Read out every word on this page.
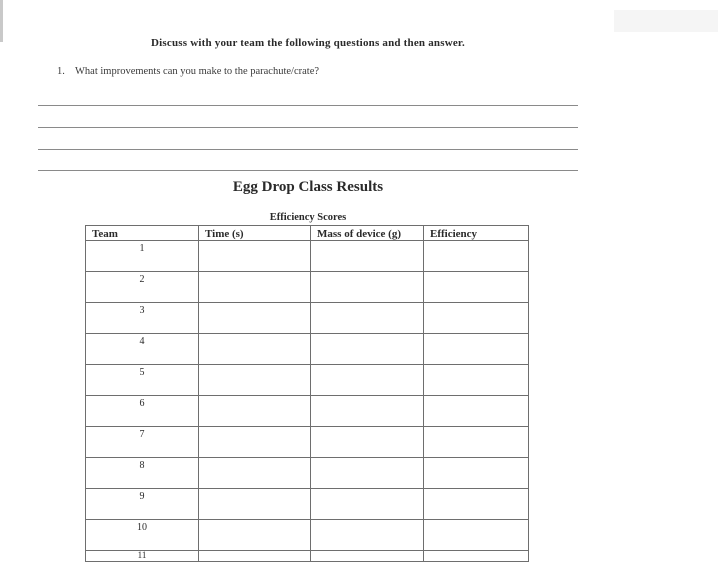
Discuss with your team the following questions and then answer.
1. What improvements can you make to the parachute/crate?
Egg Drop Class Results
Efficiency Scores
Team	Time (s)	Mass of device (g)	Efficiency
1			
2			
3			
4			
5			
6			
7			
8			
9			
10			
11			
